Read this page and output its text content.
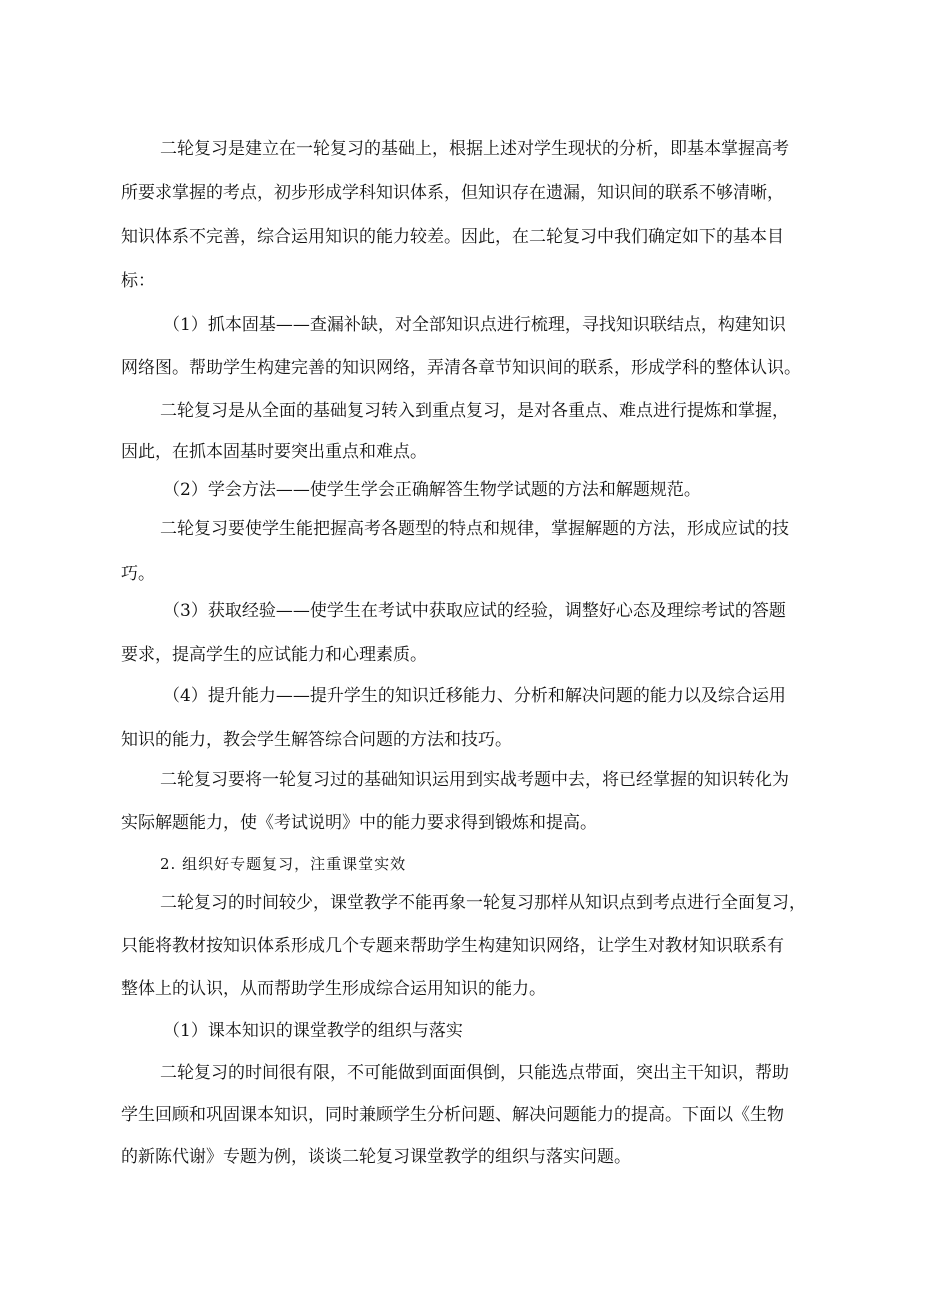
二轮复习是建立在一轮复习的基础上，根据上述对学生现状的分析，即基本掌握高考
所要求掌握的考点，初步形成学科知识体系，但知识存在遗漏，知识间的联系不够清晰，
知识体系不完善，综合运用知识的能力较差。因此，在二轮复习中我们确定如下的基本目
标：
（1）抓本固基——查漏补缺，对全部知识点进行梳理，寻找知识联结点，构建知识
网络图。帮助学生构建完善的知识网络，弄清各章节知识间的联系，形成学科的整体认识。
二轮复习是从全面的基础复习转入到重点复习，是对各重点、难点进行提炼和掌握，
因此，在抓本固基时要突出重点和难点。
（2）学会方法——使学生学会正确解答生物学试题的方法和解题规范。
二轮复习要使学生能把握高考各题型的特点和规律，掌握解题的方法，形成应试的技
巧。
（3）获取经验——使学生在考试中获取应试的经验，调整好心态及理综考试的答题
要求，提高学生的应试能力和心理素质。
（4）提升能力——提升学生的知识迁移能力、分析和解决问题的能力以及综合运用
知识的能力，教会学生解答综合问题的方法和技巧。
二轮复习要将一轮复习过的基础知识运用到实战考题中去，将已经掌握的知识转化为
实际解题能力，使《考试说明》中的能力要求得到锻炼和提高。
2. 组织好专题复习，注重课堂实效
二轮复习的时间较少，课堂教学不能再象一轮复习那样从知识点到考点进行全面复习，
只能将教材按知识体系形成几个专题来帮助学生构建知识网络，让学生对教材知识联系有
整体上的认识，从而帮助学生形成综合运用知识的能力。
（1）课本知识的课堂教学的组织与落实
二轮复习的时间很有限，不可能做到面面俱倒，只能选点带面，突出主干知识，帮助
学生回顾和巩固课本知识，同时兼顾学生分析问题、解决问题能力的提高。下面以《生物
的新陈代谢》专题为例，谈谈二轮复习课堂教学的组织与落实问题。
